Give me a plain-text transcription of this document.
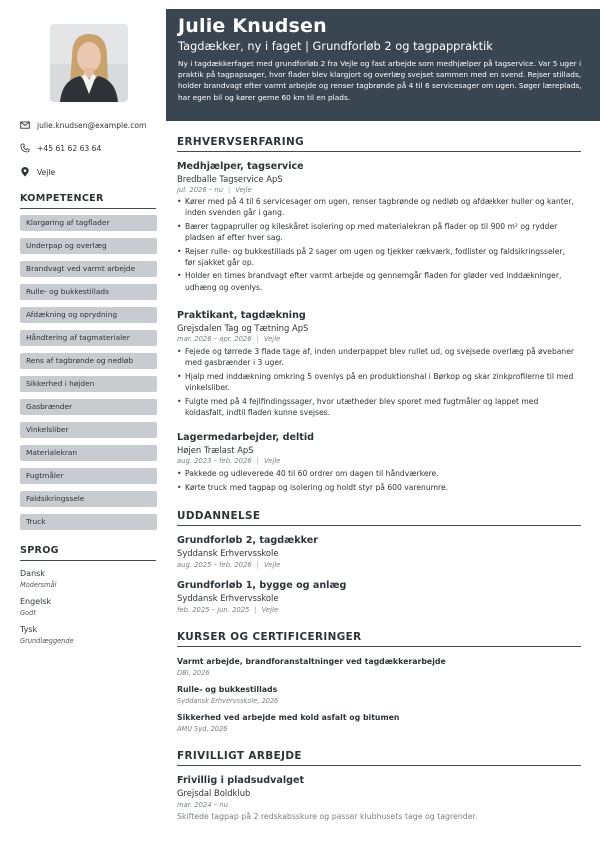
julie.knudsen@example.com
+45 61 62 63 64
Vejle
KOMPETENCER
Klargøring af tagflader
Underpap og overlæg
Brandvagt ved varmt arbejde
Rulle- og bukkestillads
Afdækning og oprydning
Håndtering af tagmaterialer
Rens af tagbrønde og nedløb
Sikkerhed i højden
Gasbrænder
Vinkelsliber
Materialekran
Fugtmåler
Faldsikringssele
Truck
SPROG
Dansk
Modersmål
Engelsk
Godt
Tysk
Grundlæggende
Julie Knudsen
Tagdækker, ny i faget | Grundforløb 2 og tagpappraktik
Ny i tagdækkerfaget med grundforløb 2 fra Vejle og fast arbejde som medhjælper på tagservice. Var 5 uger i praktik på tagpapsager, hvor flader blev klargjort og overlæg svejset sammen med en svend. Rejser stillads, holder brandvagt efter varmt arbejde og renser tagbrønde på 4 til 6 servicesager om ugen. Søger læreplads, har egen bil og kører gerne 60 km til en plads.
ERHVERVSERFARING
Medhjælper, tagservice
Bredballe Tagservice ApS
jul. 2026 – nu | Vejle
• Kører med på 4 til 6 servicesager om ugen, renser tagbrønde og nedløb og afdækker huller og kanter, inden svenden går i gang.
• Bærer tagpapruller og kileskåret isolering op med materialekran på flader op til 900 m² og rydder pladsen af efter hver sag.
• Rejser rulle- og bukkestillads på 2 sager om ugen og tjekker rækværk, fodlister og faldsikringsseler, før sjakket går op.
• Holder en times brandvagt efter varmt arbejde og gennemgår fladen for gløder ved inddækninger, udhæng og ovenlys.
Praktikant, tagdækning
Grejsdalen Tag og Tætning ApS
mar. 2026 – apr. 2026 | Vejle
• Fejede og tørrede 3 flade tage af, inden underpappet blev rullet ud, og svejsede overlæg på øvebaner med gasbrænder i 3 uger.
• Hjalp med inddækning omkring 5 ovenlys på en produktionshal i Børkop og skar zinkprofilerne til med vinkelsliber.
• Fulgte med på 4 fejlfindingssager, hvor utætheder blev sporet med fugtmåler og lappet med koldasfalt, indtil fladen kunne svejses.
Lagermedarbejder, deltid
Højen Trælast ApS
aug. 2023 – feb. 2026 | Vejle
• Pakkede og udleverede 40 til 60 ordrer om dagen til håndværkere.
• Kørte truck med tagpap og isolering og holdt styr på 600 varenumre.
UDDANNELSE
Grundforløb 2, tagdækker
Syddansk Erhvervsskole
aug. 2025 – feb. 2026 | Vejle
Grundforløb 1, bygge og anlæg
Syddansk Erhvervsskole
feb. 2025 – jun. 2025 | Vejle
KURSER OG CERTIFICERINGER
Varmt arbejde, brandforanstaltninger ved tagdækkerarbejde
DBI, 2026
Rulle- og bukkestillads
Syddansk Erhvervsskole, 2026
Sikkerhed ved arbejde med kold asfalt og bitumen
AMU Syd, 2026
FRIVILLIGT ARBEJDE
Frivillig i pladsudvalget
Grejsdal Boldklub
mar. 2024 – nu
Skiftede tagpap på 2 redskabsskure og passer klubhusets tage og tagrender.
